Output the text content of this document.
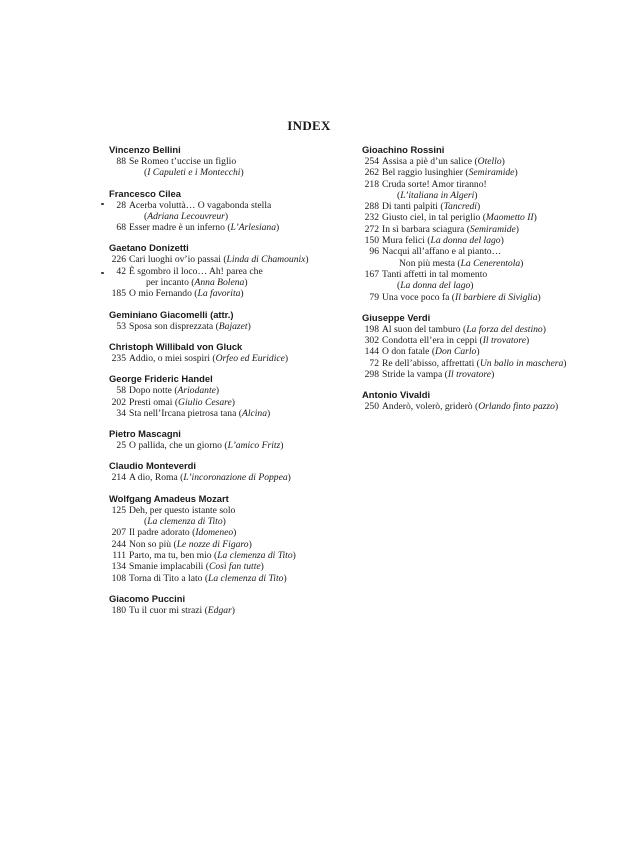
INDEX
Vincenzo Bellini
88 Se Romeo t’uccise un figlio
(I Capuleti e i Montecchi)
Francesco Cilea
28 Acerba voluttà… O vagabonda stella
(Adriana Lecouvreur)
68 Esser madre è un inferno (L’Arlesiana)
Gaetano Donizetti
226 Cari luoghi ov’io passai (Linda di Chamounix)
42 È sgombro il loco… Ah! parea che
per incanto (Anna Bolena)
185 O mio Fernando (La favorita)
Geminiano Giacomelli (attr.)
53 Sposa son disprezzata (Bajazet)
Christoph Willibald von Gluck
235 Addio, o miei sospiri (Orfeo ed Euridice)
George Frideric Handel
58 Dopo notte (Ariodante)
202 Presti omai (Giulio Cesare)
34 Sta nell’Ircana pietrosa tana (Alcina)
Pietro Mascagni
25 O pallida, che un giorno (L’amico Fritz)
Claudio Monteverdi
214 A dio, Roma (L’incoronazione di Poppea)
Wolfgang Amadeus Mozart
125 Deh, per questo istante solo
(La clemenza di Tito)
207 Il padre adorato (Idomeneo)
244 Non so più (Le nozze di Figaro)
111 Parto, ma tu, ben mio (La clemenza di Tito)
134 Smanie implacabili (Così fan tutte)
108 Torna di Tito a lato (La clemenza di Tito)
Giacomo Puccini
180 Tu il cuor mi strazi (Edgar)
Gioachino Rossini
254 Assisa a piè d’un salice (Otello)
262 Bel raggio lusinghier (Semiramide)
218 Cruda sorte! Amor tiranno!
(L’italiana in Algeri)
288 Di tanti palpiti (Tancredi)
232 Giusto ciel, in tal periglio (Maometto II)
272 In sì barbara sciagura (Semiramide)
150 Mura felici (La donna del lago)
96 Nacqui all’affano e al pianto…
Non più mesta (La Cenerentola)
167 Tanti affetti in tal momento
(La donna del lago)
79 Una voce poco fa (Il barbiere di Siviglia)
Giuseppe Verdi
198 Al suon del tamburo (La forza del destino)
302 Condotta ell’era in ceppi (Il trovatore)
144 O don fatale (Don Carlo)
72 Re dell’abisso, affrettati (Un ballo in maschera)
298 Stride la vampa (Il trovatore)
Antonio Vivaldi
250 Anderò, volerò, griderò (Orlando finto pazzo)
